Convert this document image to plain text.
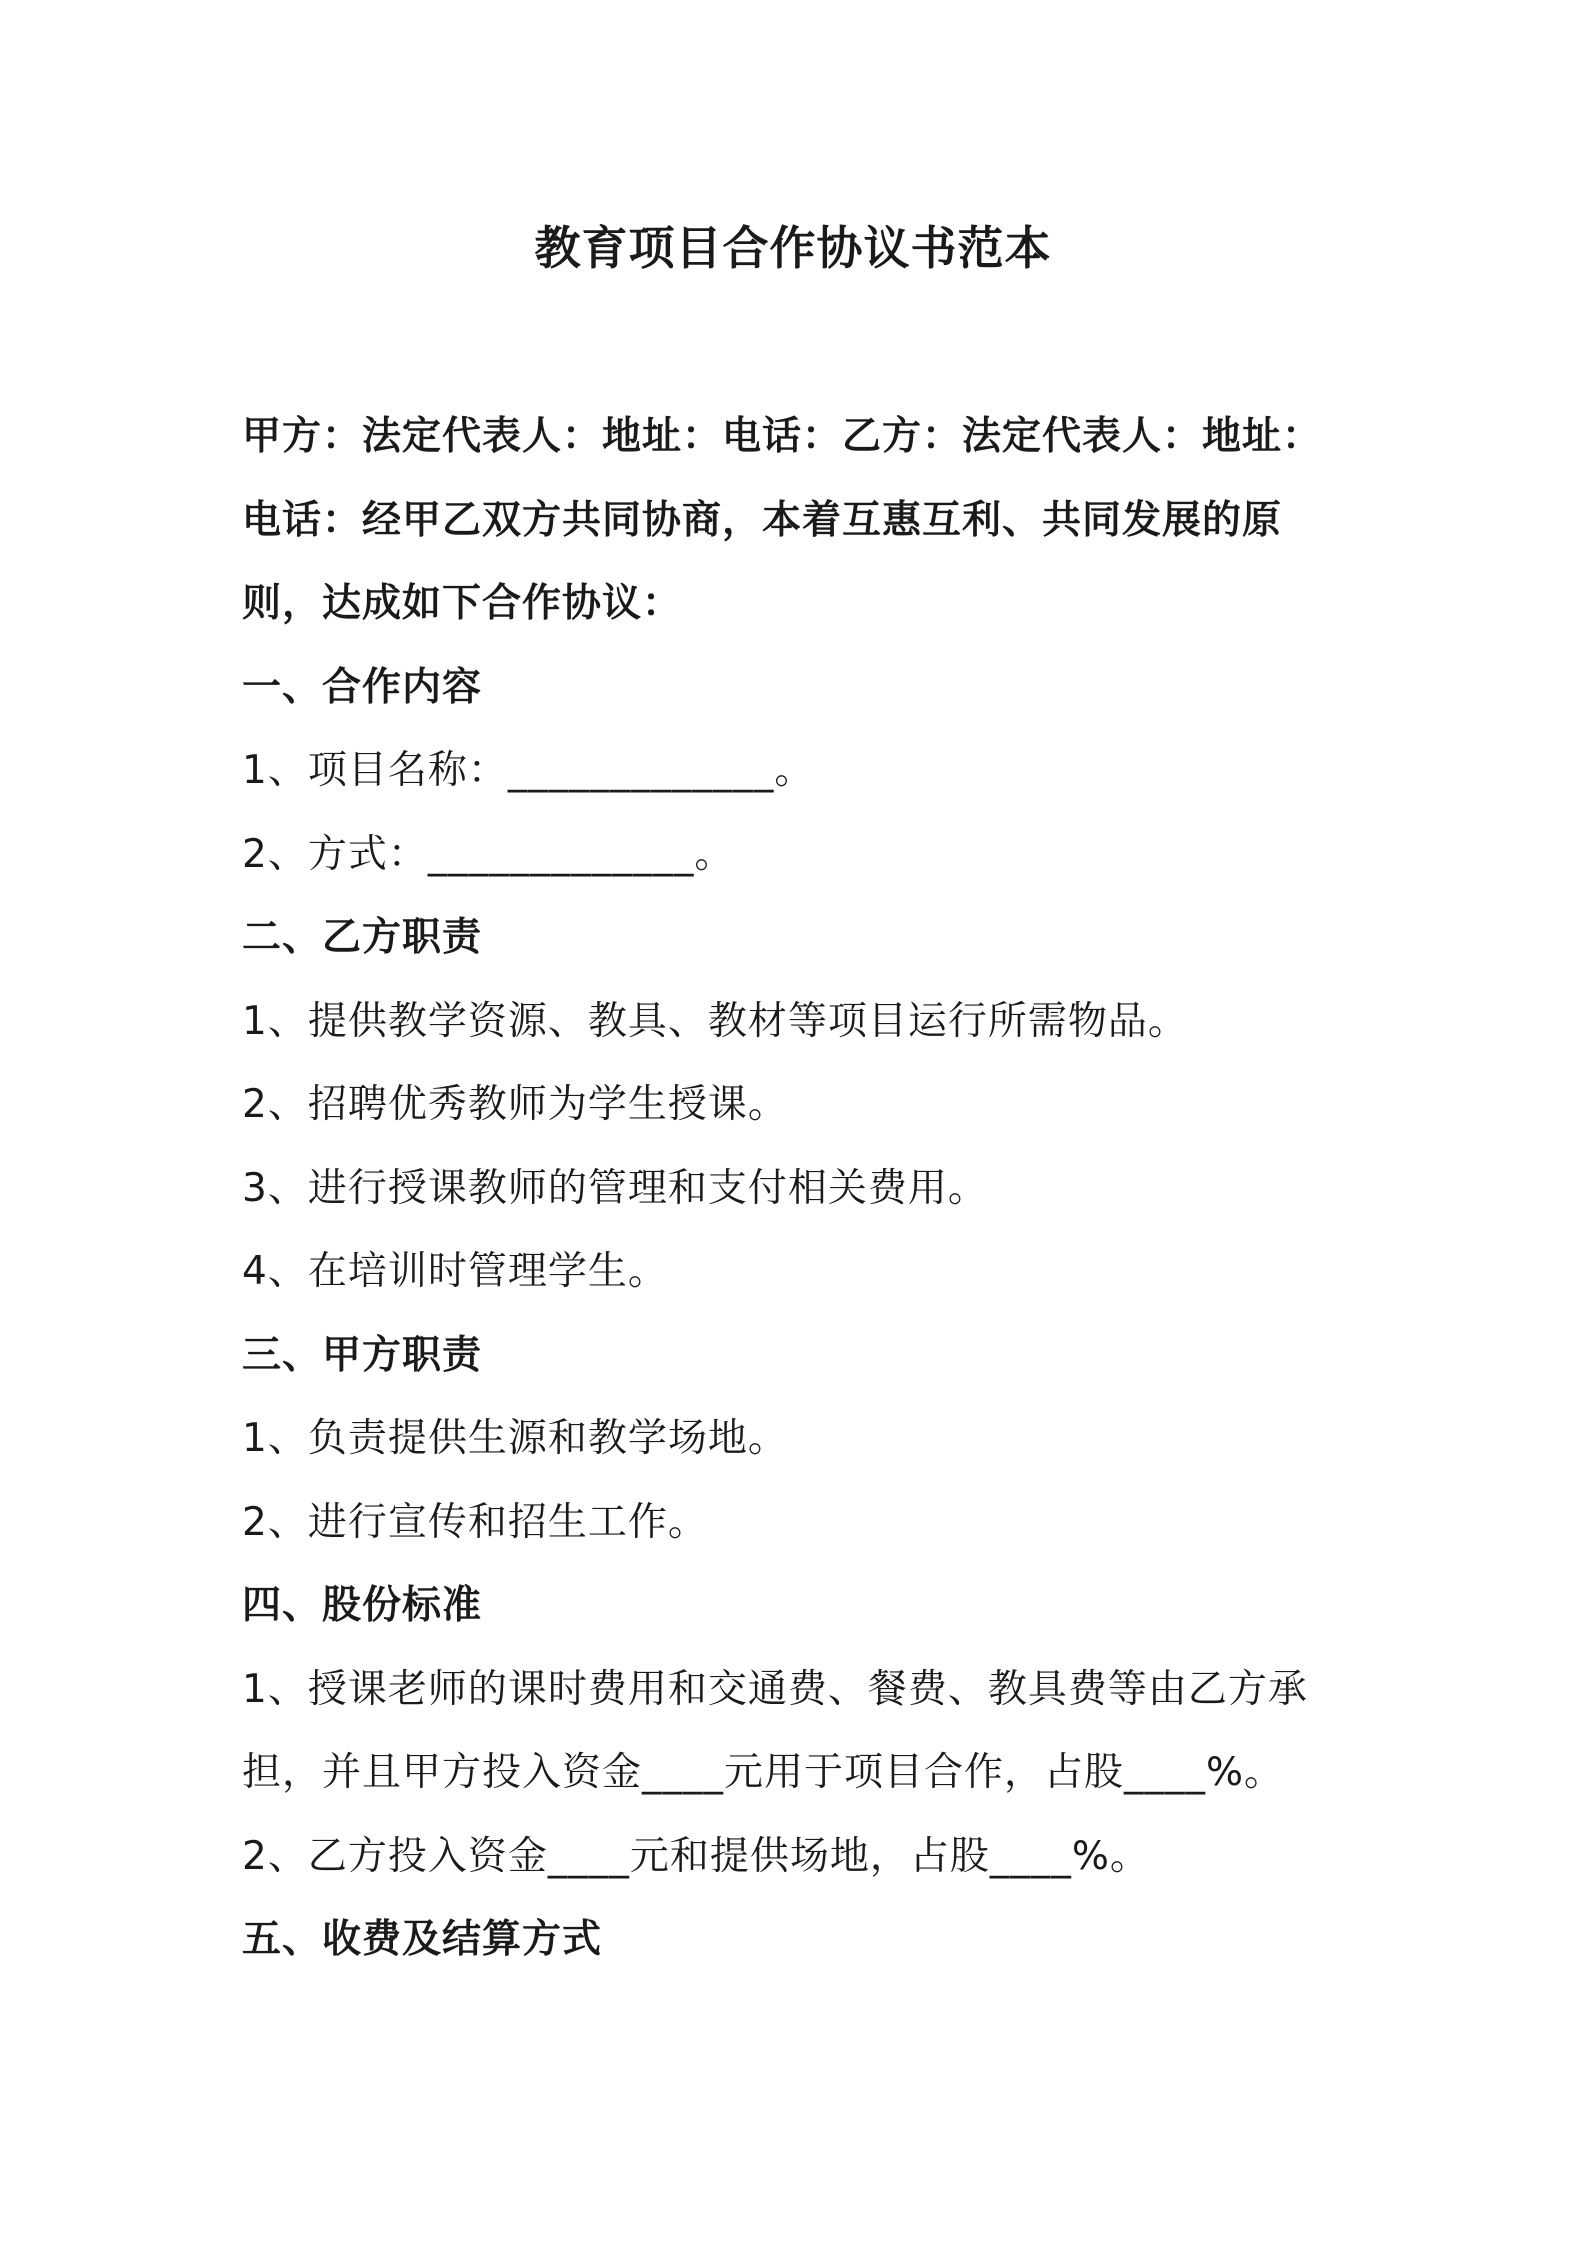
教育项目合作协议书范本

甲方：法定代表人：地址：电话：乙方：法定代表人：地址：电话：经甲乙双方共同协商，本着互惠互利、共同发展的原则，达成如下合作协议：

一、合作内容

1、项目名称：_____________。

2、方式：_____________。

二、乙方职责

1、提供教学资源、教具、教材等项目运行所需物品。

2、招聘优秀教师为学生授课。

3、进行授课教师的管理和支付相关费用。

4、在培训时管理学生。

三、甲方职责

1、负责提供生源和教学场地。

2、进行宣传和招生工作。

四、股份标准

1、授课老师的课时费用和交通费、餐费、教具费等由乙方承担，并且甲方投入资金____元用于项目合作，占股____%。

2、乙方投入资金____元和提供场地，占股____%。

五、收费及结算方式
